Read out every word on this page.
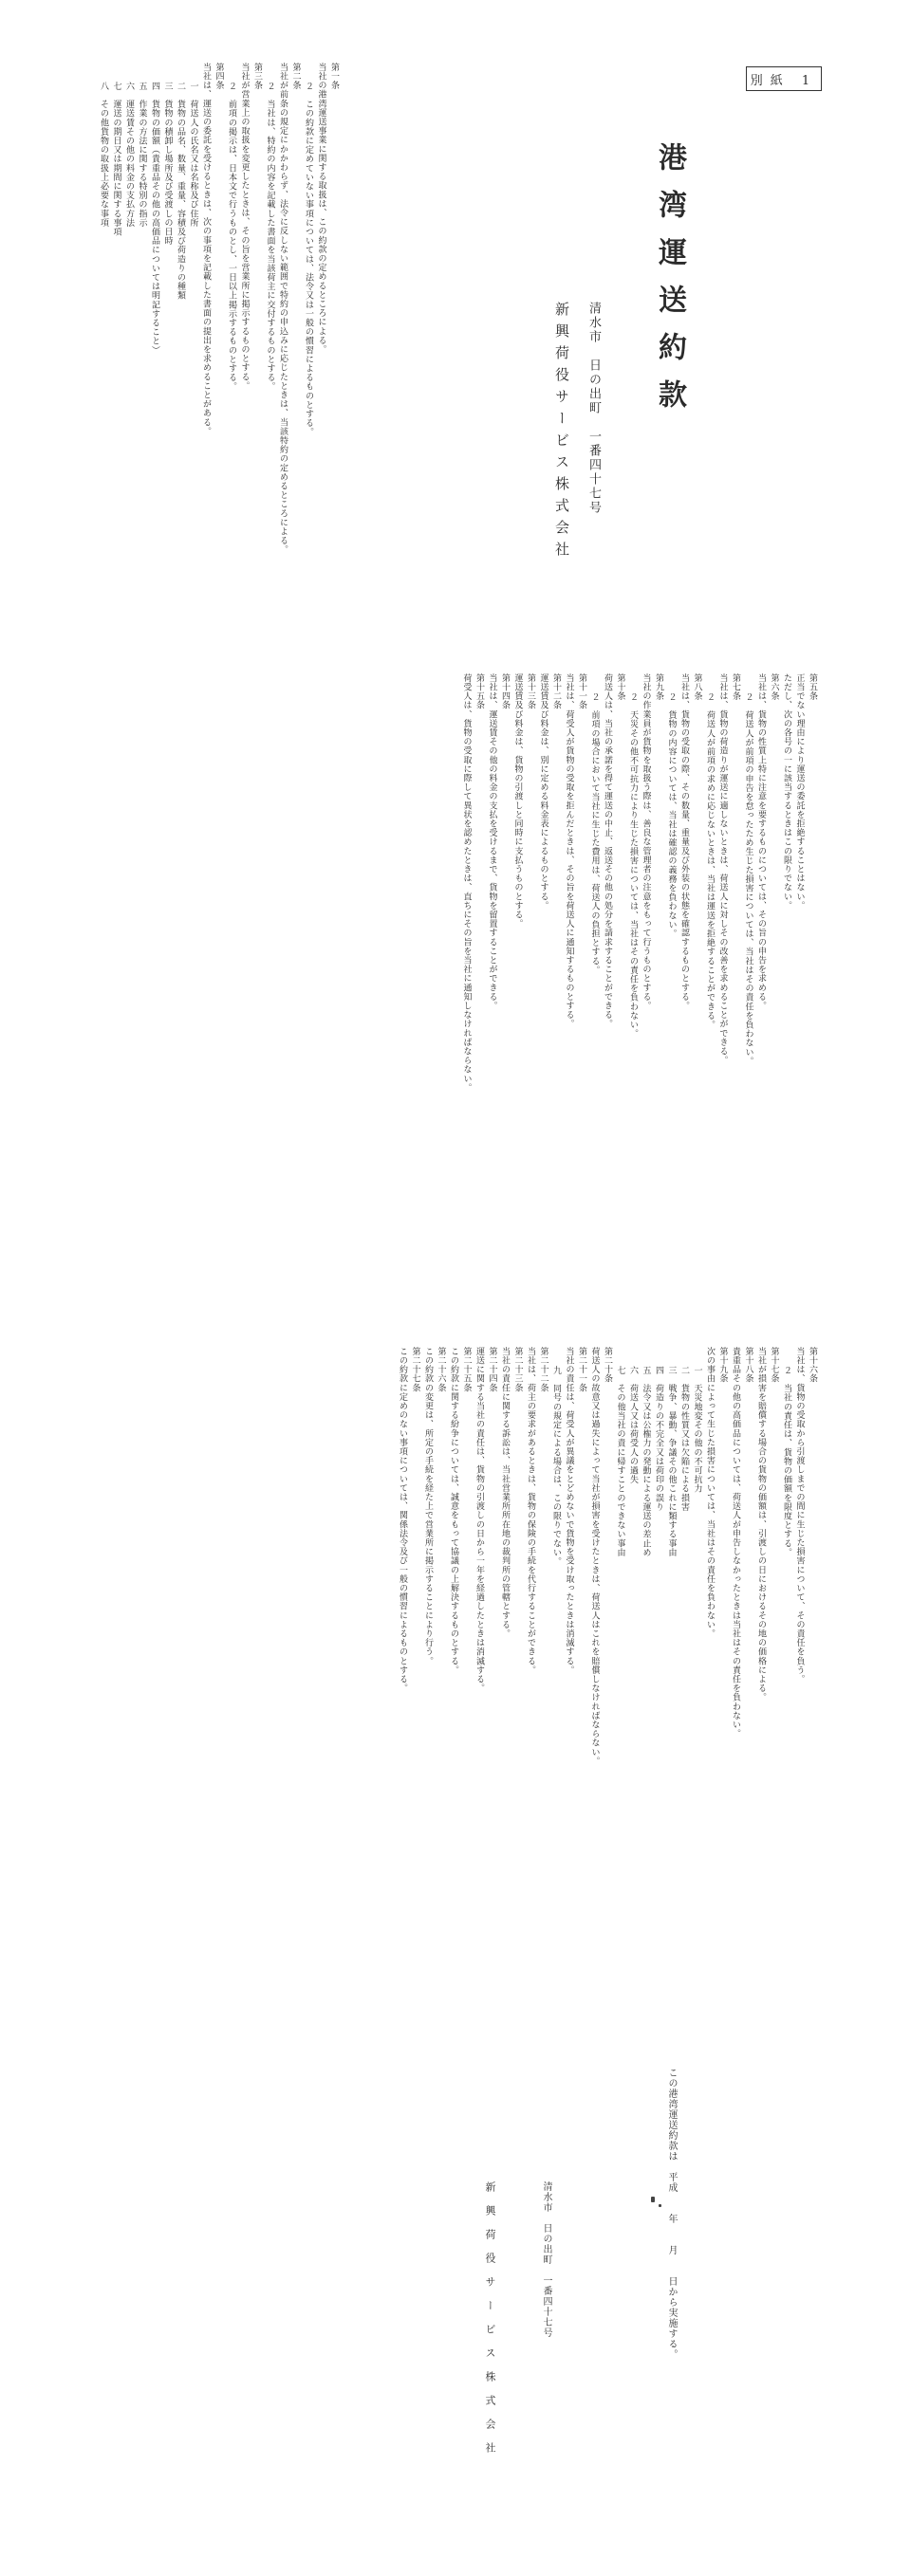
別紙 1
港湾運送約款
清水市　日の出町　一番四十七号
新興荷役サービス株式会社
第一条
当社の港湾運送事業に関する取扱は、この約款の定めるところによる。
２　この約款に定めていない事項については、法令又は一般の慣習によるものとする。
第二条
当社が前条の規定にかかわらず、法令に反しない範囲で特約の申込みに応じたときは、当該特約の定めるところによる。
２　当社は、特約の内容を記載した書面を当該荷主に交付するものとする。
第三条
当社が営業上の取扱を変更したときは、その旨を営業所に掲示するものとする。
２　前項の掲示は、日本文で行うものとし、一日以上掲示するものとする。
第四条
当社は、運送の委託を受けるときは、次の事項を記載した書面の提出を求めることがある。
一　荷送人の氏名又は名称及び住所
二　貨物の品名、数量、重量、容積及び荷造りの種類
三　貨物の積卸し場所及び受渡しの日時
四　貨物の価額（貴重品その他の高価品については明記すること）
五　作業の方法に関する特別の指示
六　運送賃その他の料金の支払方法
七　運送の期日又は期間に関する事項
八　その他貨物の取扱上必要な事項
第五条
正当でない理由により運送の委託を拒絶することはない。
ただし、次の各号の一に該当するときはこの限りでない。
第六条
当社は、貨物の性質上特に注意を要するものについては、その旨の申告を求める。
２　荷送人が前項の申告を怠ったため生じた損害については、当社はその責任を負わない。
第七条
当社は、貨物の荷造りが運送に適しないときは、荷送人に対しその改善を求めることができる。
２　荷送人が前項の求めに応じないときは、当社は運送を拒絶することができる。
第八条
当社は、貨物の受取の際、その数量、重量及び外装の状態を確認するものとする。
２　貨物の内容については、当社は確認の義務を負わない。
第九条
当社の作業員が貨物を取扱う際は、善良な管理者の注意をもって行うものとする。
２　天災その他不可抗力により生じた損害については、当社はその責任を負わない。
第十条
荷送人は、当社の承諾を得て運送の中止、返送その他の処分を請求することができる。
２　前項の場合において当社に生じた費用は、荷送人の負担とする。
第十一条
当社は、荷受人が貨物の受取を拒んだときは、その旨を荷送人に通知するものとする。
第十二条
運送賃及び料金は、別に定める料金表によるものとする。
第十三条
運送賃及び料金は、貨物の引渡しと同時に支払うものとする。
第十四条
当社は、運送賃その他の料金の支払を受けるまで、貨物を留置することができる。
第十五条
荷受人は、貨物の受取に際して異状を認めたときは、直ちにその旨を当社に通知しなければならない。
第十六条
当社は、貨物の受取から引渡しまでの間に生じた損害について、その責任を負う。
２　当社の責任は、貨物の価額を限度とする。
第十七条
当社が損害を賠償する場合の貨物の価額は、引渡しの日におけるその地の価格による。
第十八条
貴重品その他の高価品については、荷送人が申告しなかったときは当社はその責任を負わない。
第十九条
次の事由によって生じた損害については、当社はその責任を負わない。
一　天災地変その他の不可抗力
二　貨物の性質又は欠陥による損害
三　戦争、暴動、争議その他これに類する事由
四　荷造りの不完全又は荷印の誤り
五　法令又は公権力の発動による運送の差止め
六　荷送人又は荷受人の過失
七　その他当社の責に帰すことのできない事由
第二十条
荷送人の故意又は過失によって当社が損害を受けたときは、荷送人はこれを賠償しなければならない。
第二十一条
当社の責任は、荷受人が異議をとどめないで貨物を受け取ったときは消滅する。
九　同号の規定による場合は、この限りでない。
第二十二条
当社は、荷主の要求があるときは、貨物の保険の手続を代行することができる。
第二十三条
当社の責任に関する訴訟は、当社営業所所在地の裁判所の管轄とする。
第二十四条
運送に関する当社の責任は、貨物の引渡しの日から一年を経過したときは消滅する。
第二十五条
この約款に関する紛争については、誠意をもって協議の上解決するものとする。
第二十六条
この約款の変更は、所定の手続を経た上で営業所に掲示することにより行う。
第二十七条
この約款に定めのない事項については、関係法令及び一般の慣習によるものとする。
この港湾運送約款は　平成　　年　　月　　日から実施する。
清水市　日の出町　一番四十七号
新興荷役サービス株式会社
